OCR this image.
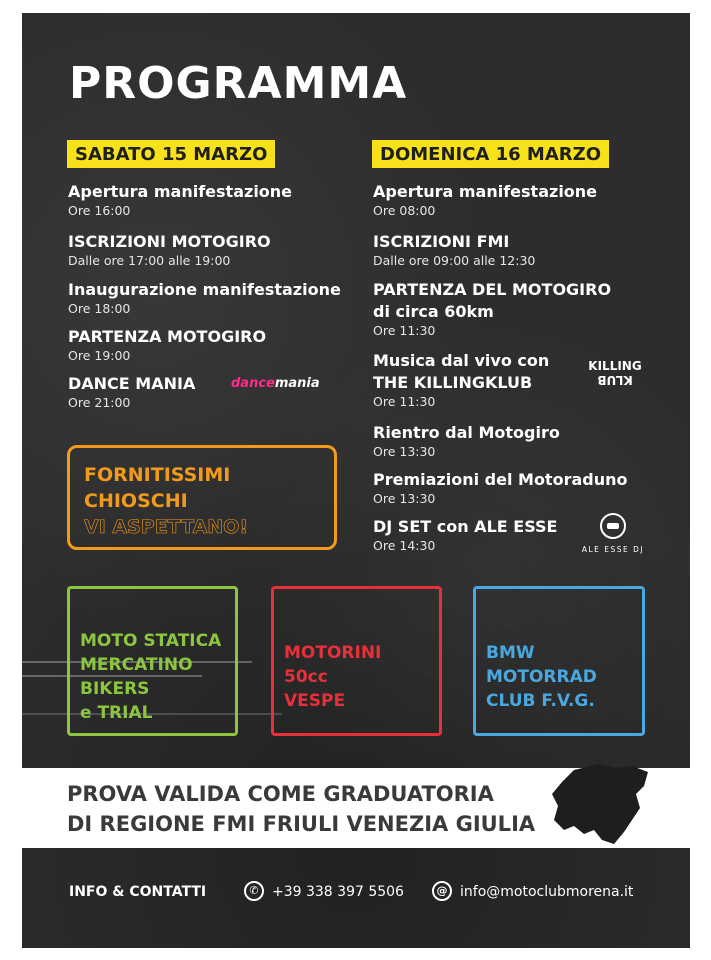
PROGRAMMA
SABATO 15 MARZO
Apertura manifestazione
Ore 16:00
ISCRIZIONI MOTOGIRO
Dalle ore 17:00 alle 19:00
Inaugurazione manifestazione
Ore 18:00
PARTENZA MOTOGIRO
Ore 19:00
DANCE MANIA
Ore 21:00
dancemania
FORNITISSIMI
CHIOSCHI
VI ASPETTANO!
DOMENICA 16 MARZO
Apertura manifestazione
Ore 08:00
ISCRIZIONI FMI
Dalle ore 09:00 alle 12:30
PARTENZA DEL MOTOGIRO
di circa 60km
Ore 11:30
Musica dal vivo con
THE KILLINGKLUB
Ore 11:30
Rientro dal Motogiro
Ore 13:30
Premiazioni del Motoraduno
Ore 13:30
DJ SET con ALE ESSE
Ore 14:30
KILLING
KLUB
ALE ESSE DJ
ESPOSIZIONE
MOTO STATICA
MERCATINO
BIKERS
e TRIAL
RADUNO
MOTORINI
50cc
VESPE
RADUNO
BMW
MOTORRAD
CLUB F.V.G.
PROVA VALIDA COME GRADUATORIA
DI REGIONE FMI FRIULI VENEZIA GIULIA
INFO & CONTATTI	✆ +39 338 397 5506	@ info@motoclubmorena.it
